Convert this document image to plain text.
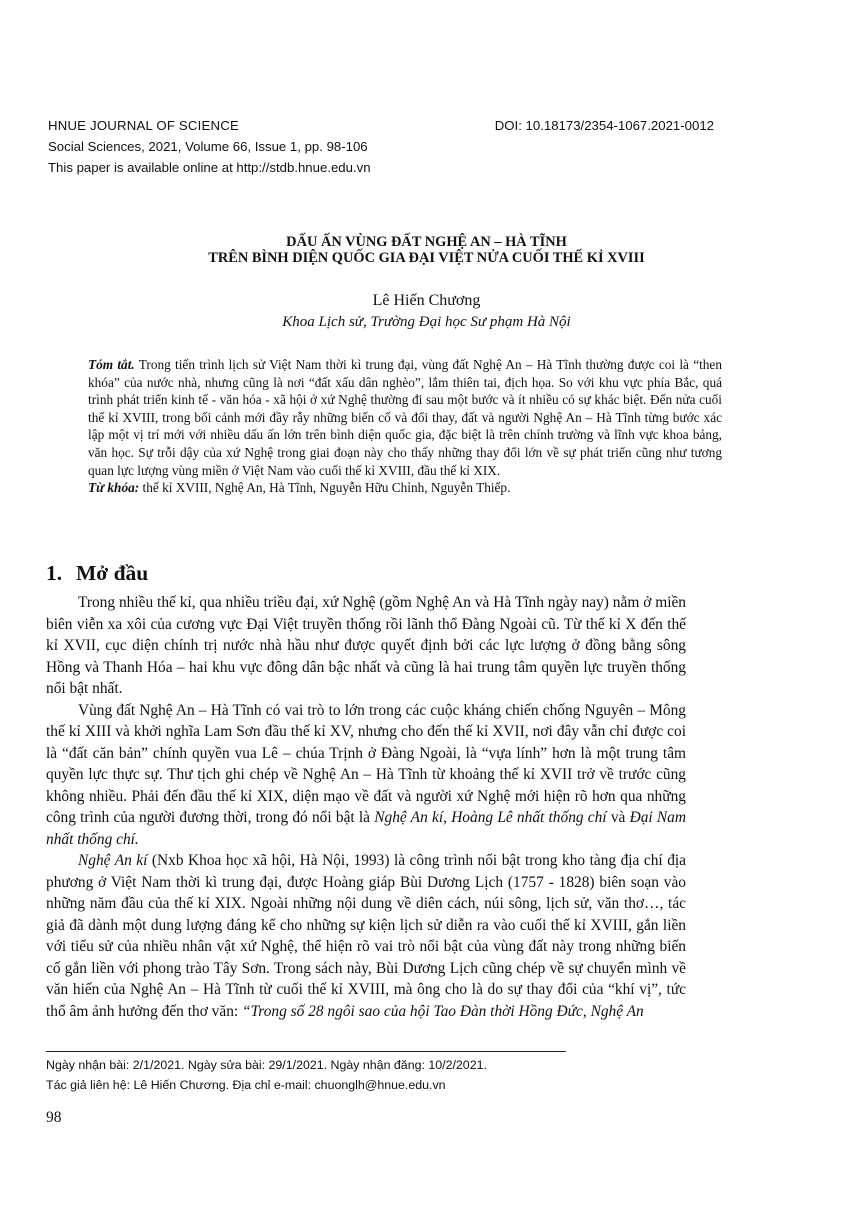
HNUE JOURNAL OF SCIENCE	DOI: 10.18173/2354-1067.2021-0012
Social Sciences, 2021, Volume 66, Issue 1, pp. 98-106
This paper is available online at http://stdb.hnue.edu.vn
DẤU ẤN VÙNG ĐẤT NGHỆ AN – HÀ TĨNH
TRÊN BÌNH DIỆN QUỐC GIA ĐẠI VIỆT NỬA CUỐI THẾ KỈ XVIII
Lê Hiến Chương
Khoa Lịch sử, Trường Đại học Sư phạm Hà Nội

Tóm tắt. Trong tiến trình lịch sử Việt Nam thời kì trung đại, vùng đất Nghệ An – Hà Tĩnh thường được coi là “then khóa” của nước nhà, nhưng cũng là nơi “đất xấu dân nghèo”, lắm thiên tai, địch họa. So với khu vực phía Bắc, quá trình phát triển kinh tế - văn hóa - xã hội ở xứ Nghệ thường đi sau một bước và ít nhiều có sự khác biệt. Đến nửa cuối thế kỉ XVIII, trong bối cảnh mới đầy rẫy những biến cố và đổi thay, đất và người Nghệ An – Hà Tĩnh từng bước xác lập một vị trí mới với nhiều dấu ấn lớn trên bình diện quốc gia, đặc biệt là trên chính trường và lĩnh vực khoa bảng, văn học. Sự trỗi dậy của xứ Nghệ trong giai đoạn này cho thấy những thay đổi lớn về sự phát triển cũng như tương quan lực lượng vùng miền ở Việt Nam vào cuối thế kỉ XVIII, đầu thế kỉ XIX.

Từ khóa: thế kỉ XVIII, Nghệ An, Hà Tĩnh, Nguyễn Hữu Chỉnh, Nguyễn Thiếp.

1. Mở đầu

Trong nhiều thế kỉ, qua nhiều triều đại, xứ Nghệ (gồm Nghệ An và Hà Tĩnh ngày nay) nằm ở miền biên viễn xa xôi của cương vực Đại Việt truyền thống rồi lãnh thổ Đàng Ngoài cũ. Từ thế kỉ X đến thế kỉ XVII, cục diện chính trị nước nhà hầu như được quyết định bởi các lực lượng ở đồng bằng sông Hồng và Thanh Hóa – hai khu vực đông dân bậc nhất và cũng là hai trung tâm quyền lực truyền thống nổi bật nhất.

Vùng đất Nghệ An – Hà Tĩnh có vai trò to lớn trong các cuộc kháng chiến chống Nguyên – Mông thế kỉ XIII và khởi nghĩa Lam Sơn đầu thế kỉ XV, nhưng cho đến thế kỉ XVII, nơi đây vẫn chỉ được coi là “đất căn bản” chính quyền vua Lê – chúa Trịnh ở Đàng Ngoài, là “vựa lính” hơn là một trung tâm quyền lực thực sự. Thư tịch ghi chép về Nghệ An – Hà Tĩnh từ khoảng thế kỉ XVII trở về trước cũng không nhiều. Phải đến đầu thế kỉ XIX, diện mạo về đất và người xứ Nghệ mới hiện rõ hơn qua những công trình của người đương thời, trong đó nổi bật là Nghệ An kí, Hoàng Lê nhất thống chí và Đại Nam nhất thống chí.

Nghệ An kí (Nxb Khoa học xã hội, Hà Nội, 1993) là công trình nổi bật trong kho tàng địa chí địa phương ở Việt Nam thời kì trung đại, được Hoàng giáp Bùi Dương Lịch (1757 - 1828) biên soạn vào những năm đầu của thế kỉ XIX. Ngoài những nội dung về diên cách, núi sông, lịch sử, văn thơ…, tác giả đã dành một dung lượng đáng kể cho những sự kiện lịch sử diễn ra vào cuối thế kỉ XVIII, gắn liền với tiểu sử của nhiều nhân vật xứ Nghệ, thể hiện rõ vai trò nổi bật của vùng đất này trong những biến cố gắn liền với phong trào Tây Sơn. Trong sách này, Bùi Dương Lịch cũng chép về sự chuyển mình về văn hiến của Nghệ An – Hà Tĩnh từ cuối thế kỉ XVIII, mà ông cho là do sự thay đổi của “khí vị”, tức thổ âm ảnh hưởng đến thơ văn: “Trong số 28 ngôi sao của hội Tao Đàn thời Hồng Đức, Nghệ An

Ngày nhận bài: 2/1/2021. Ngày sửa bài: 29/1/2021. Ngày nhận đăng: 10/2/2021.
Tác giả liên hệ: Lê Hiến Chương. Địa chỉ e-mail: chuonglh@hnue.edu.vn
98
